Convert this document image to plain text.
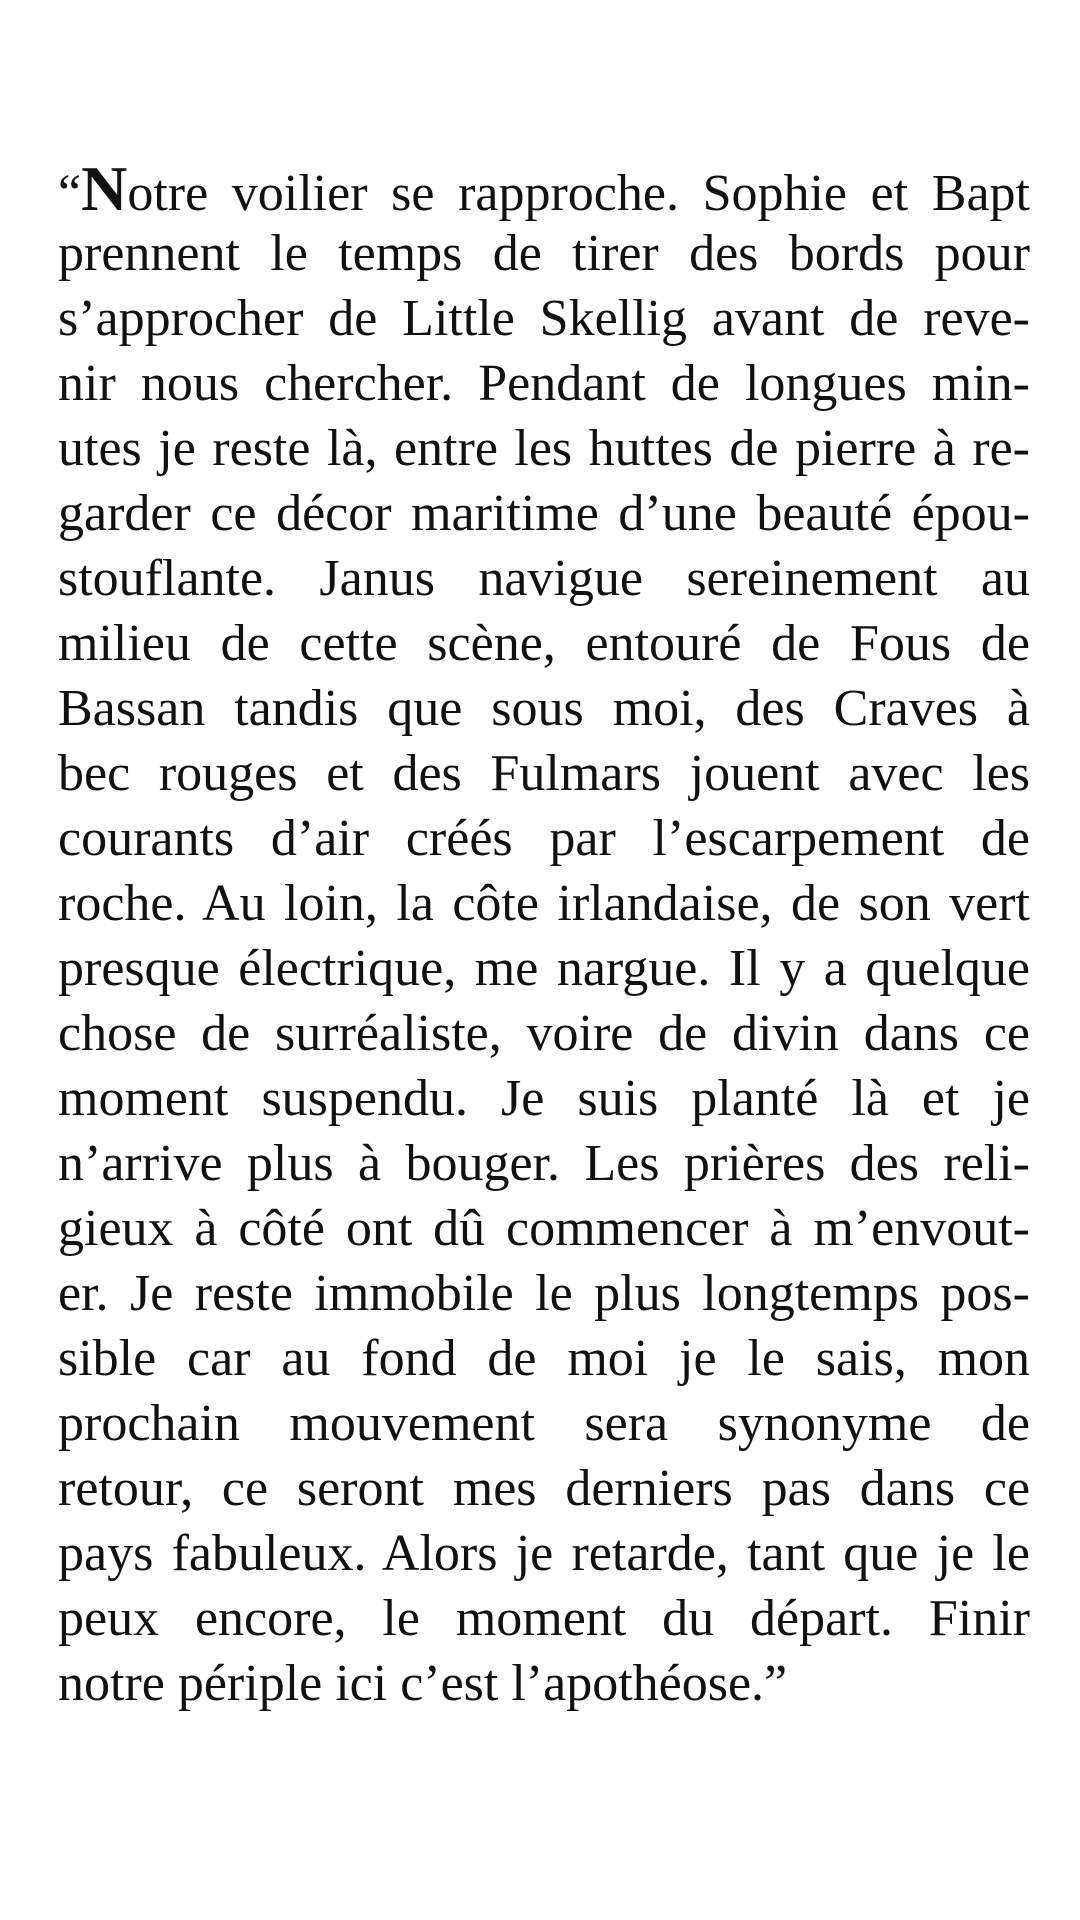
“Notre voilier se rapproche. Sophie et Bapt
prennent le temps de tirer des bords pour
s’approcher de Little Skellig avant de reve-
nir nous chercher. Pendant de longues min-
utes je reste là, entre les huttes de pierre à re-
garder ce décor maritime d’une beauté épou-
stouflante. Janus navigue sereinement au
milieu de cette scène, entouré de Fous de
Bassan tandis que sous moi, des Craves à
bec rouges et des Fulmars jouent avec les
courants d’air créés par l’escarpement de
roche. Au loin, la côte irlandaise, de son vert
presque électrique, me nargue. Il y a quelque
chose de surréaliste, voire de divin dans ce
moment suspendu. Je suis planté là et je
n’arrive plus à bouger. Les prières des reli-
gieux à côté ont dû commencer à m’envout-
er. Je reste immobile le plus longtemps pos-
sible car au fond de moi je le sais, mon
prochain mouvement sera synonyme de
retour, ce seront mes derniers pas dans ce
pays fabuleux. Alors je retarde, tant que je le
peux encore, le moment du départ. Finir
notre périple ici c’est l’apothéose.”
